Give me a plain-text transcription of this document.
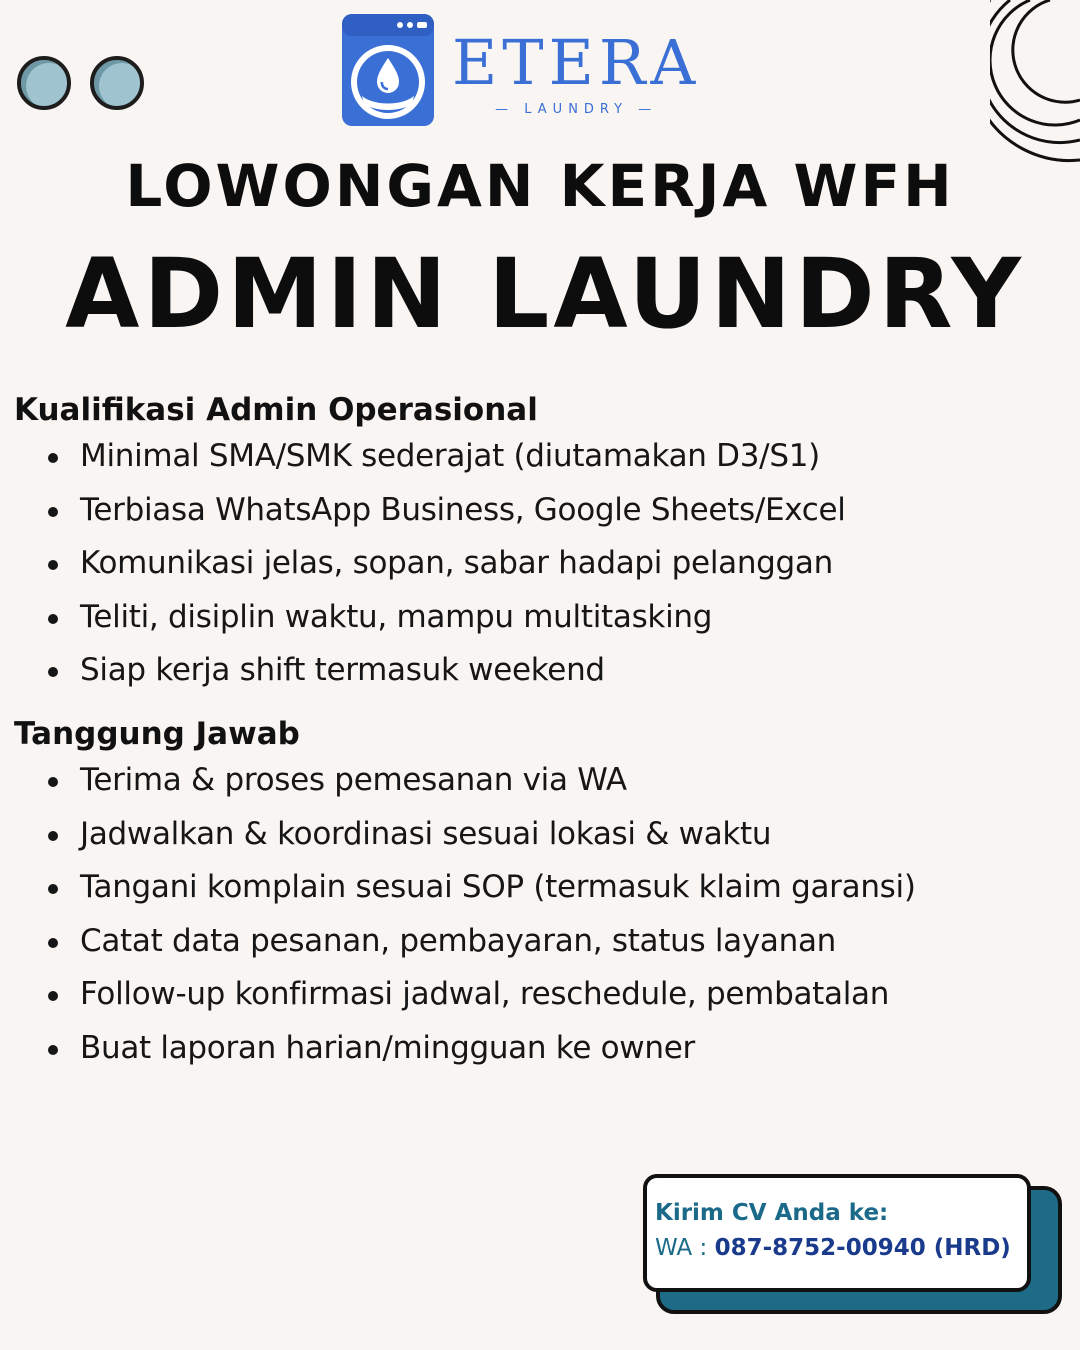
ETERA
— LAUNDRY —
LOWONGAN KERJA WFH
ADMIN LAUNDRY
Kualifikasi Admin Operasional
Minimal SMA/SMK sederajat (diutamakan D3/S1)
Terbiasa WhatsApp Business, Google Sheets/Excel
Komunikasi jelas, sopan, sabar hadapi pelanggan
Teliti, disiplin waktu, mampu multitasking
Siap kerja shift termasuk weekend
Tanggung Jawab
Terima & proses pemesanan via WA
Jadwalkan & koordinasi sesuai lokasi & waktu
Tangani komplain sesuai SOP (termasuk klaim garansi)
Catat data pesanan, pembayaran, status layanan
Follow-up konfirmasi jadwal, reschedule, pembatalan
Buat laporan harian/mingguan ke owner
Kirim CV Anda ke:
WA : 087-8752-00940 (HRD)
